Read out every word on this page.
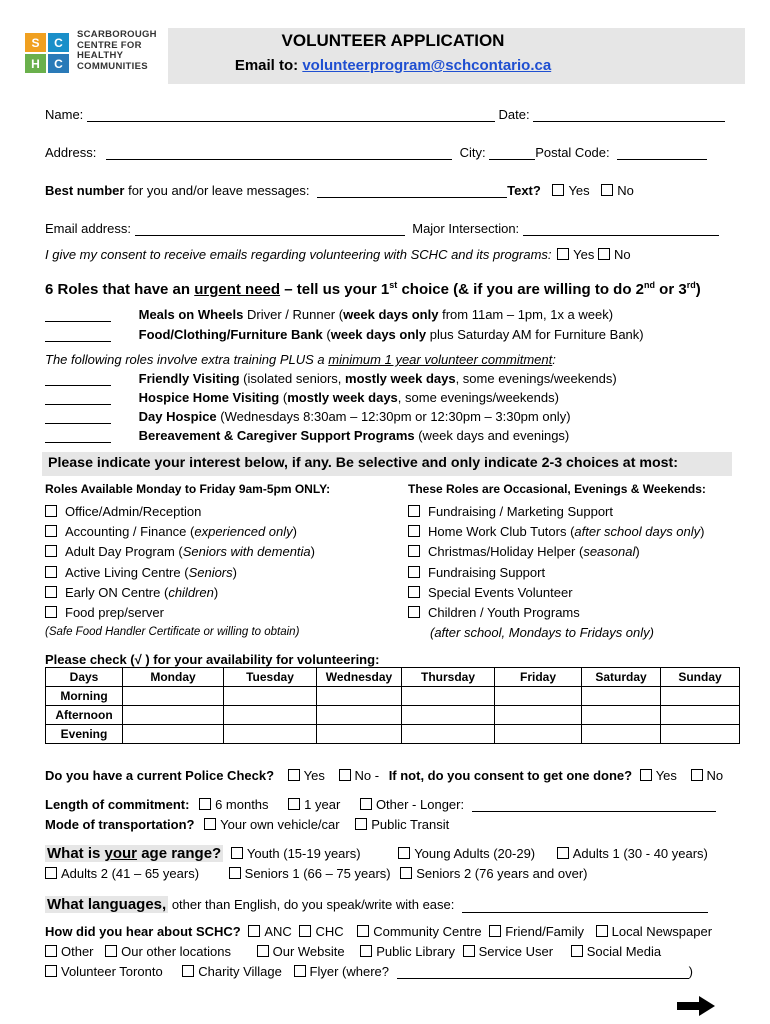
S	C
H	C
SCARBOROUGH
CENTRE FOR
HEALTHY
COMMUNITIES
VOLUNTEER APPLICATION
Email to: volunteerprogram@schcontario.ca
Name:	Date:
Address:	City:	Postal Code:
Best number for you and/or leave messages:	Text? Yes No
Email address:	Major Intersection:
I give my consent to receive emails regarding volunteering with SCHC and its programs: Yes No
6 Roles that have an urgent need – tell us your 1st choice (& if you are willing to do 2nd or 3rd)
Meals on Wheels Driver / Runner (week days only from 11am – 1pm, 1x a week)
Food/Clothing/Furniture Bank (week days only plus Saturday AM for Furniture Bank)
The following roles involve extra training PLUS a minimum 1 year volunteer commitment:
Friendly Visiting (isolated seniors, mostly week days, some evenings/weekends)
Hospice Home Visiting (mostly week days, some evenings/weekends)
Day Hospice (Wednesdays 8:30am – 12:30pm or 12:30pm – 3:30pm only)
Bereavement & Caregiver Support Programs (week days and evenings)
Please indicate your interest below, if any. Be selective and only indicate 2-3 choices at most:
Roles Available Monday to Friday 9am-5pm ONLY:	These Roles are Occasional, Evenings & Weekends:
Office/Admin/Reception
Accounting / Finance (experienced only)
Adult Day Program (Seniors with dementia)
Active Living Centre (Seniors)
Early ON Centre (children)
Food prep/server
Fundraising / Marketing Support
Home Work Club Tutors (after school days only)
Christmas/Holiday Helper (seasonal)
Fundraising Support
Special Events Volunteer
Children / Youth Programs
(Safe Food Handler Certificate or willing to obtain)	(after school, Mondays to Fridays only)
Please check (√ ) for your availability for volunteering:
Days	Monday	Tuesday	Wednesday	Thursday	Friday	Saturday	Sunday
Morning							
Afternoon							
Evening							
Do you have a current Police Check? Yes No - If not, do you consent to get one done? Yes No
Length of commitment: 6 months	1 year	Other - Longer:
Mode of transportation? Your own vehicle/car Public Transit
What is your age range? Youth (15-19 years)	Young Adults (20-29)	Adults 1 (30 - 40 years)
Adults 2 (41 – 65 years)	Seniors 1 (66 – 75 years) Seniors 2 (76 years and over)
What languages, other than English, do you speak/write with ease:
How did you hear about SCHC? ANC CHC Community Centre Friend/Family Local Newspaper
Other Our other locations	Our Website Public Library Service User	Social Media
Volunteer Toronto	Charity Village Flyer (where?	)
